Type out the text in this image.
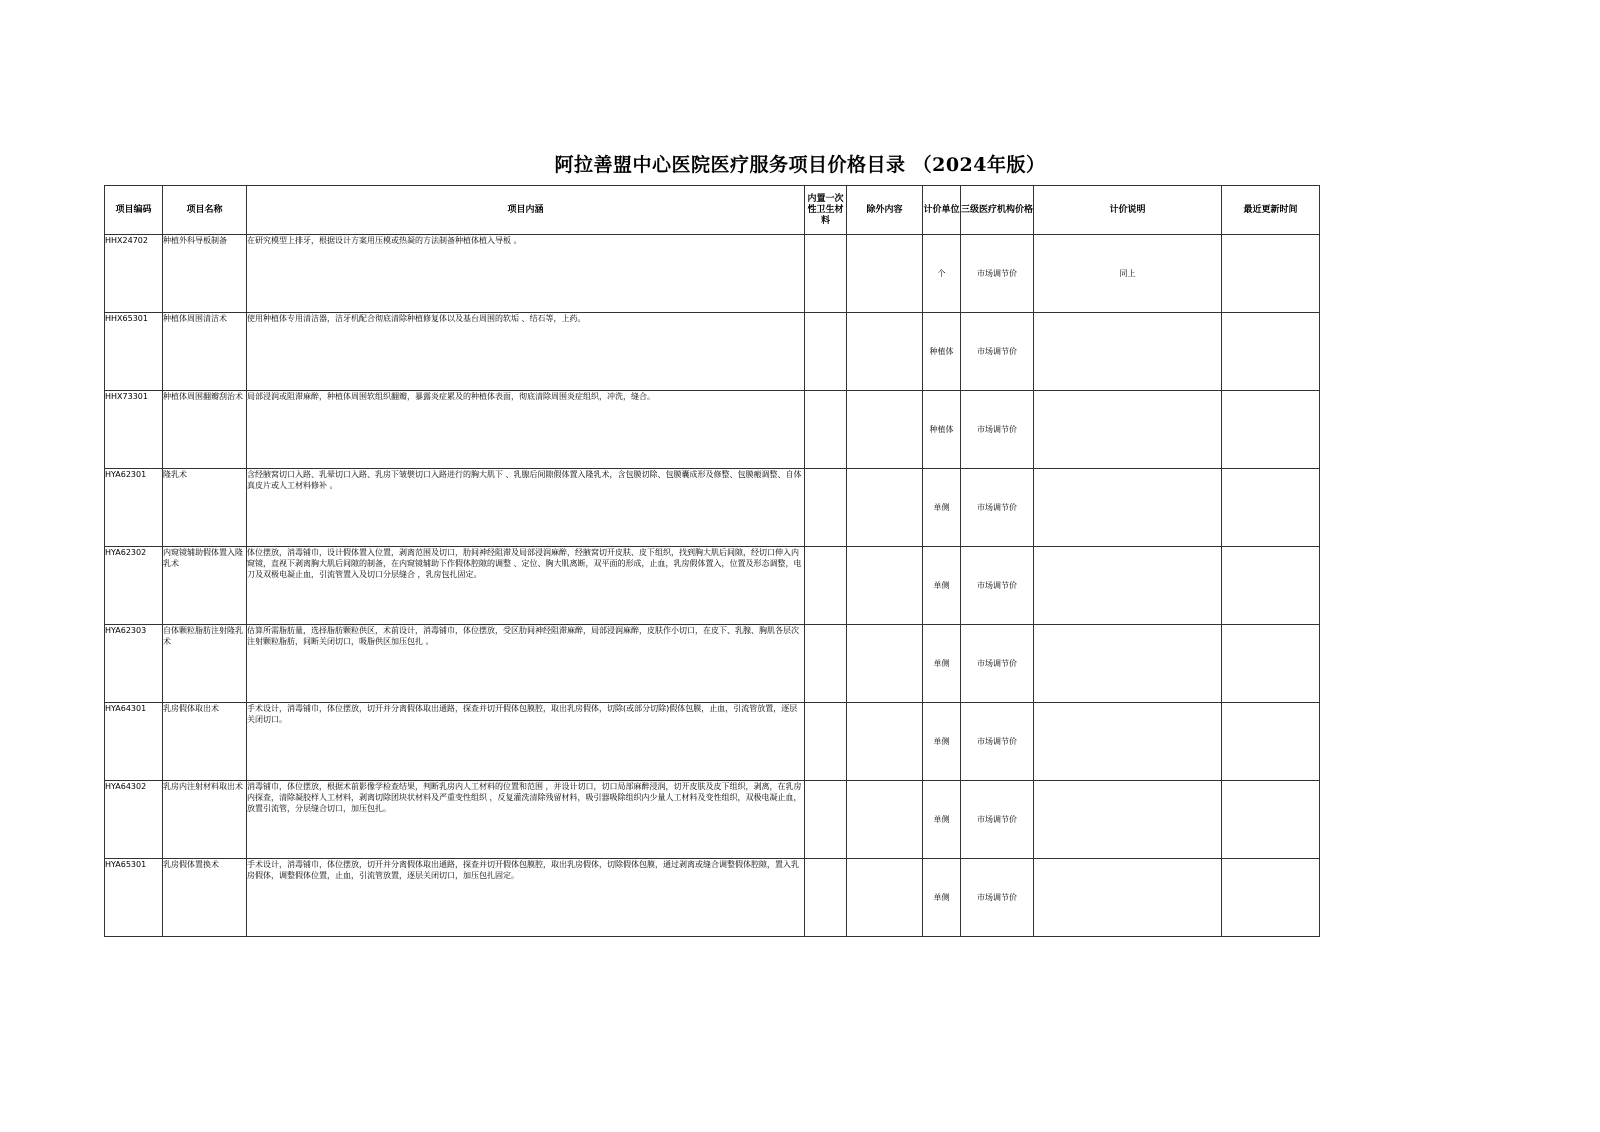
阿拉善盟中心医院医疗服务项目价格目录 （2024年版）
项目编码	项目名称	项目内涵	内置一次性卫生材料	除外内容	计价单位	三级医疗机构价格	计价说明	最近更新时间
HHX24702	种植外科导板制备	在研究模型上排牙，根据设计方案用压模或热凝的方法制备种植体植入导板 。			个	市场调节价	同上	
HHX65301	种植体周围清洁术	使用种植体专用清洁器，洁牙机配合彻底清除种植修复体以及基台周围的软垢 、结石等，上药。			种植体	市场调节价		
HHX73301	种植体周围翻瓣刮治术	局部浸润或阻滞麻醉，种植体周围软组织翻瓣，暴露炎症累及的种植体表面，彻底清除周围炎症组织，冲洗，缝合。			种植体	市场调节价		
HYA62301	隆乳术	含经腋窝切口入路、乳晕切口入路、乳房下皱襞切口入路进行的胸大肌下 、乳腺后间隙假体置入隆乳术，含包膜切除、包膜囊成形及修整、包膜瘢调整、自体真皮片或人工材料修补 。			单侧	市场调节价		
HYA62302	内窥镜辅助假体置入隆乳术	体位摆放，消毒铺巾，设计假体置入位置，剥离范围及切口，肋间神经阻滞及局部浸润麻醉，经腋窝切开皮肤、皮下组织，找到胸大肌后间隙，经切口伸入内窥镜，直视下剥离胸大肌后间隙的制备，在内窥镜辅助下作假体腔隙的调整 、定位、胸大肌离断，双平面的形成，止血，乳房假体置入，位置及形态调整，电刀及双极电凝止血，引流管置入及切口分层缝合 ，乳房包扎固定。			单侧	市场调节价		
HYA62303	自体颗粒脂肪注射隆乳术	估算所需脂肪量，选择脂肪颗粒供区，术前设计，消毒铺巾，体位摆放，受区肋间神经阻滞麻醉，局部浸润麻醉，皮肤作小切口，在皮下、乳腺、胸肌各层次注射颗粒脂肪，间断关闭切口，吸脂供区加压包扎 。			单侧	市场调节价		
HYA64301	乳房假体取出术	手术设计，消毒铺巾，体位摆放，切开并分离假体取出通路，探查并切开假体包膜腔，取出乳房假体，切除(或部分切除)假体包膜，止血，引流管放置，逐层关闭切口。			单侧	市场调节价		
HYA64302	乳房内注射材料取出术	消毒铺巾，体位摆放，根据术前影像学检查结果，判断乳房内人工材料的位置和范围 ，并设计切口，切口局部麻醉浸润，切开皮肤及皮下组织，剥离，在乳房内探查，清除凝胶样人工材料，剥离切除团块状材料及严重变性组织 ，反复灌洗清除残留材料，吸引器吸除组织内少量人工材料及变性组织，双极电凝止血，放置引流管，分层缝合切口，加压包扎。			单侧	市场调节价		
HYA65301	乳房假体置换术	手术设计，消毒铺巾，体位摆放，切开并分离假体取出通路，探查并切开假体包膜腔，取出乳房假体，切除假体包膜，通过剥离或缝合调整假体腔隙，置入乳房假体，调整假体位置，止血，引流管放置，逐层关闭切口，加压包扎固定。			单侧	市场调节价		
